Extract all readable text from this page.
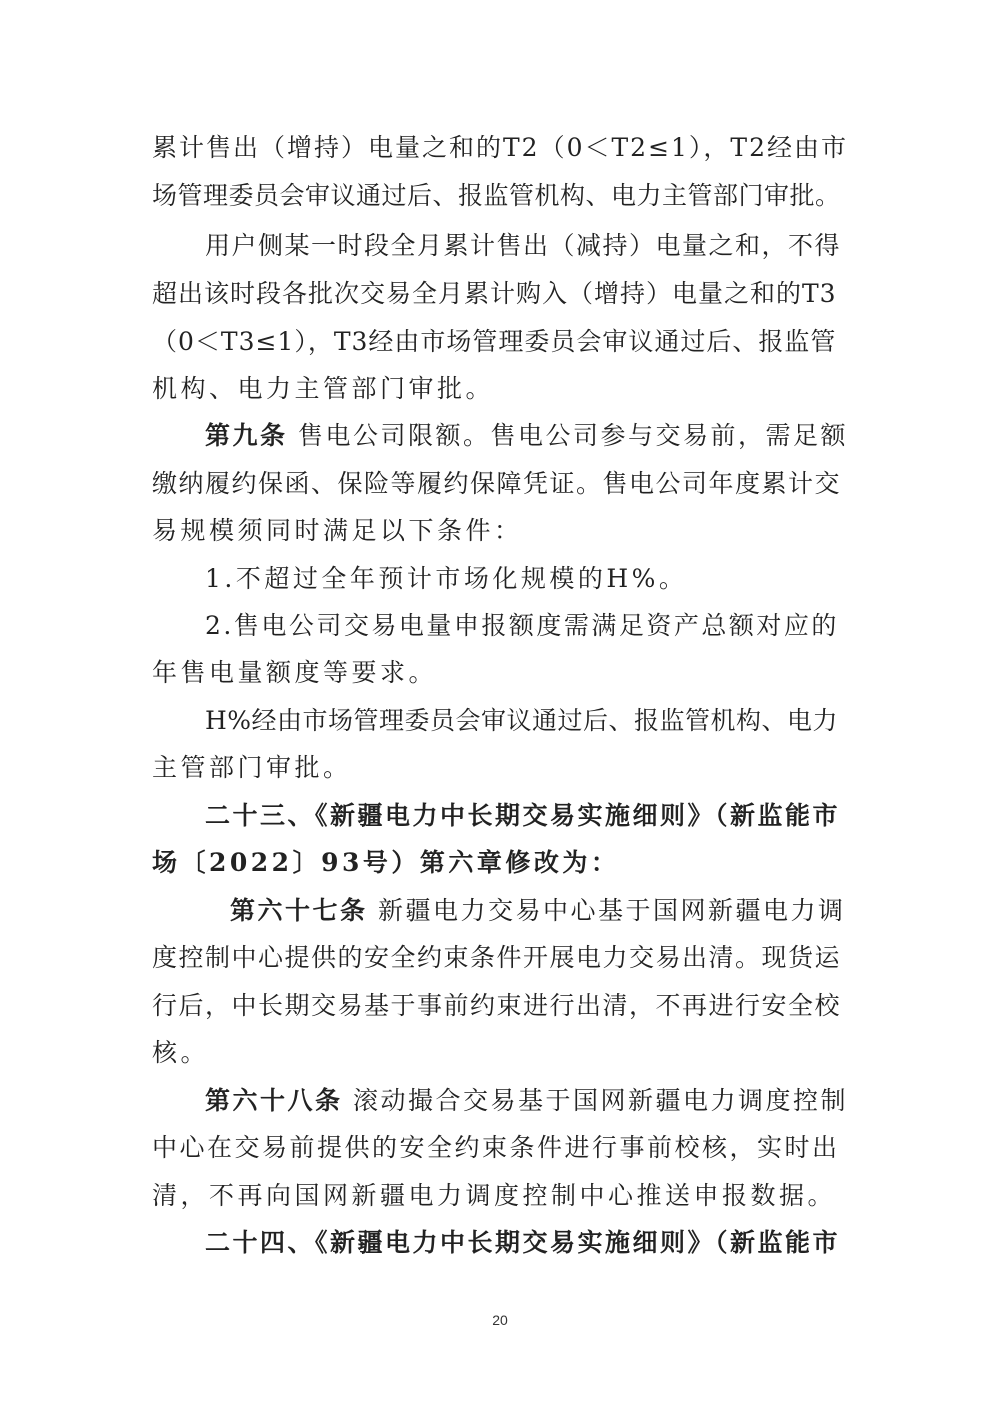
累计售出（增持）电量之和的T2（0＜T2≤1），T2经由市
场管理委员会审议通过后、报监管机构、电力主管部门审批。
用户侧某一时段全月累计售出（减持）电量之和，不得
超出该时段各批次交易全月累计购入（增持）电量之和的T3
（0＜T3≤1），T3经由市场管理委员会审议通过后、报监管
机构、电力主管部门审批。
第九条 售电公司限额。售电公司参与交易前，需足额
缴纳履约保函、保险等履约保障凭证。售电公司年度累计交
易规模须同时满足以下条件：
1.不超过全年预计市场化规模的H%。
2.售电公司交易电量申报额度需满足资产总额对应的
年售电量额度等要求。
H%经由市场管理委员会审议通过后、报监管机构、电力
主管部门审批。
二十三、《新疆电力中长期交易实施细则》（新监能市
场〔2022〕93号）第六章修改为：
第六十七条 新疆电力交易中心基于国网新疆电力调
度控制中心提供的安全约束条件开展电力交易出清。现货运
行后，中长期交易基于事前约束进行出清，不再进行安全校
核。
第六十八条 滚动撮合交易基于国网新疆电力调度控制
中心在交易前提供的安全约束条件进行事前校核，实时出
清，不再向国网新疆电力调度控制中心推送申报数据。
二十四、《新疆电力中长期交易实施细则》（新监能市
20
